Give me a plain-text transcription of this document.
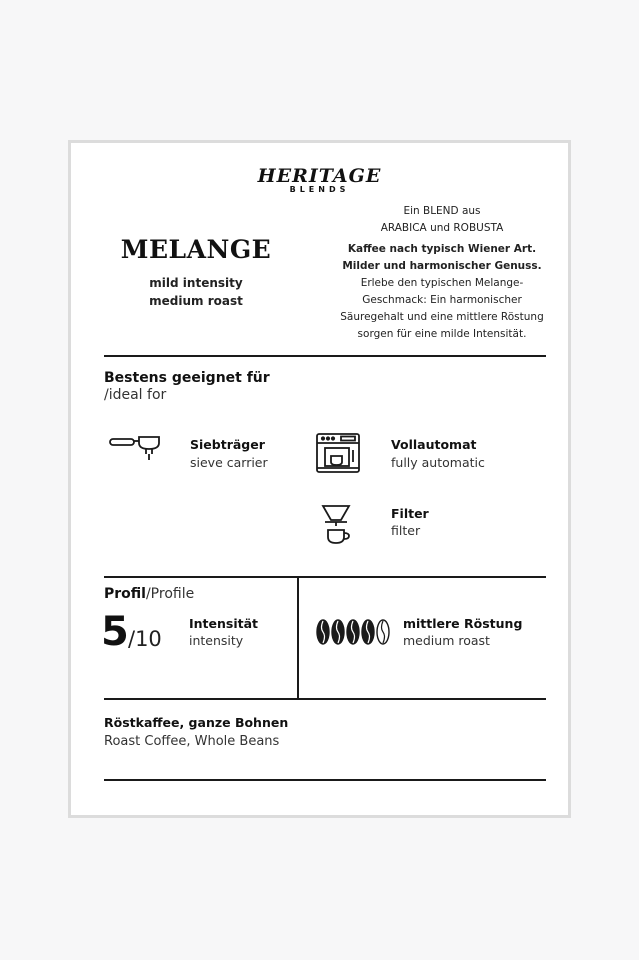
HERITAGE
BLENDS
MELANGE
mild intensity
medium roast
Ein BLEND aus
ARABICA und ROBUSTA
Kaffee nach typisch Wiener Art.
Milder und harmonischer Genuss.
Erlebe den typischen Melange-
Geschmack: Ein harmonischer
Säuregehalt und eine mittlere Röstung
sorgen für eine milde Intensität.
Bestens geeignet für
/ideal for
Siebträger
sieve carrier
Vollautomat
fully automatic
Filter
filter
Profil/Profile
5 /10
Intensität
intensity
mittlere Röstung
medium roast
Röstkaffee, ganze Bohnen
Roast Coffee, Whole Beans
